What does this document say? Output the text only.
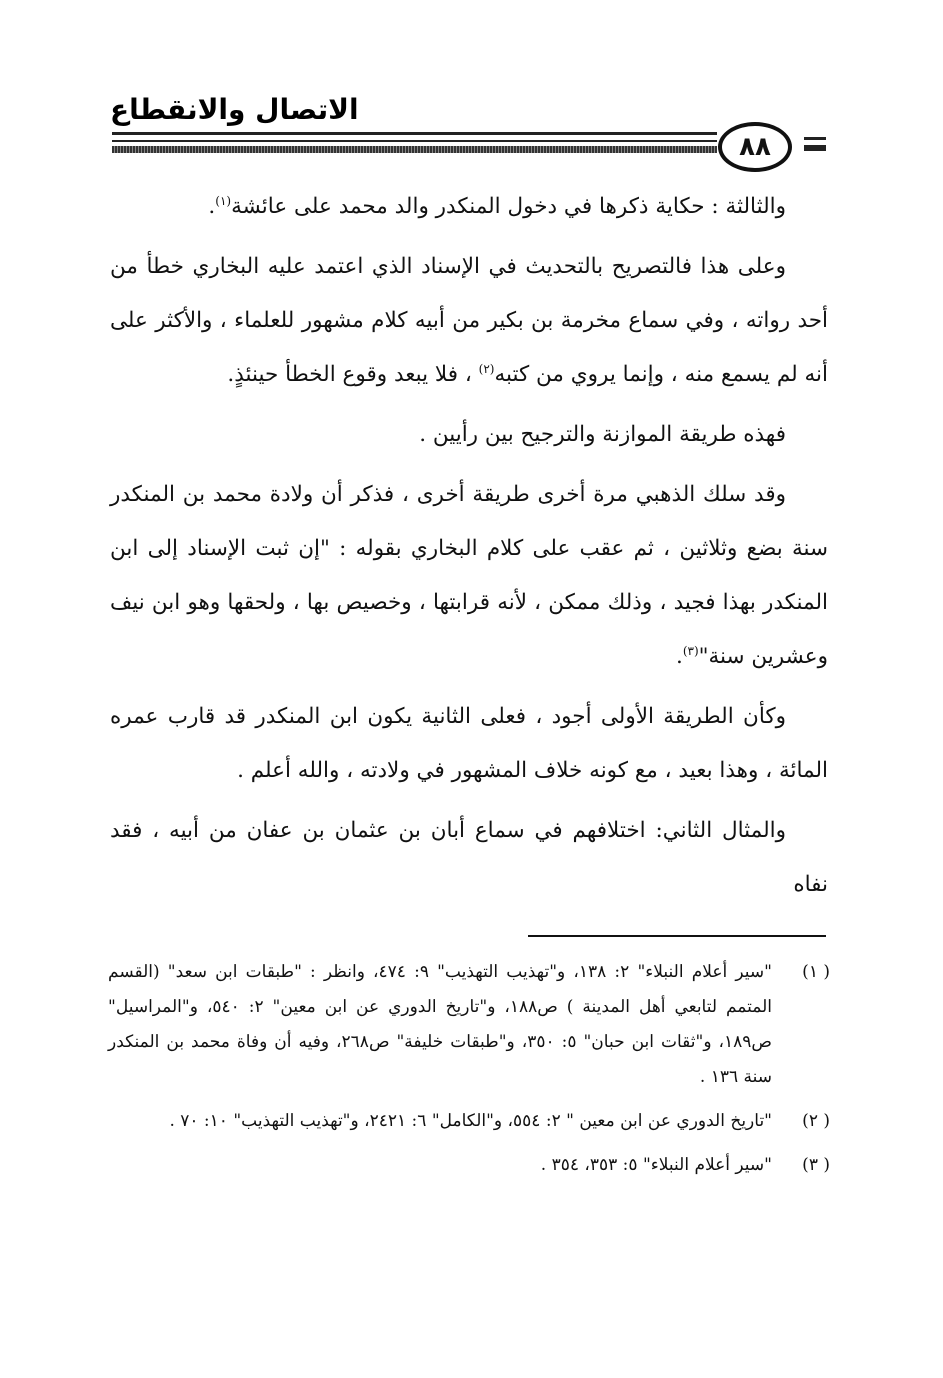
الاتصال والانقطاع
٨٨

والثالثة : حكاية ذكرها في دخول المنكدر والد محمد على عائشة$^{(١)}$.

وعلى هذا فالتصريح بالتحديث في الإسناد الذي اعتمد عليه البخاري خطأ من أحد رواته ، وفي سماع مخرمة بن بكير من أبيه كلام مشهور للعلماء ، والأكثر على أنه لم يسمع منه ، وإنما يروي من كتبه$^{(٢)}$ ، فلا يبعد وقوع الخطأ حينئذٍ.

فهذه طريقة الموازنة والترجيح بين رأيين .

وقد سلك الذهبي مرة أخرى طريقة أخرى ، فذكر أن ولادة محمد بن المنكدر سنة بضع وثلاثين ، ثم عقب على كلام البخاري بقوله : "إن ثبت الإسناد إلى ابن المنكدر بهذا فجيد ، وذلك ممكن ، لأنه قرابتها ، وخصيص بها ، ولحقها وهو ابن نيف وعشرين سنة"$^{(٣)}$.

وكأن الطريقة الأولى أجود ، فعلى الثانية يكون ابن المنكدر قد قارب عمره المائة ، وهذا بعيد ، مع كونه خلاف المشهور في ولادته ، والله أعلم .

والمثال الثاني: اختلافهم في سماع أبان بن عثمان بن عفان من أبيه ، فقد نفاه

( ١)
"سير أعلام النبلاء" ٢: ١٣٨، و"تهذيب التهذيب" ٩: ٤٧٤، وانظر : "طبقات ابن سعد" (القسم المتمم لتابعي أهل المدينة ) ص١٨٨، و"تاريخ الدوري عن ابن معين" ٢: ٥٤٠، و"المراسيل" ص١٨٩، و"ثقات ابن حبان" ٥: ٣٥٠، و"طبقات خليفة" ص٢٦٨، وفيه أن وفاة محمد بن المنكدر سنة ١٣٦ .
( ٢)
"تاريخ الدوري عن ابن معين " ٢: ٥٥٤، و"الكامل" ٦: ٢٤٢١، و"تهذيب التهذيب" ١٠: ٧٠ .
( ٣)
"سير أعلام النبلاء" ٥: ٣٥٣، ٣٥٤ .
